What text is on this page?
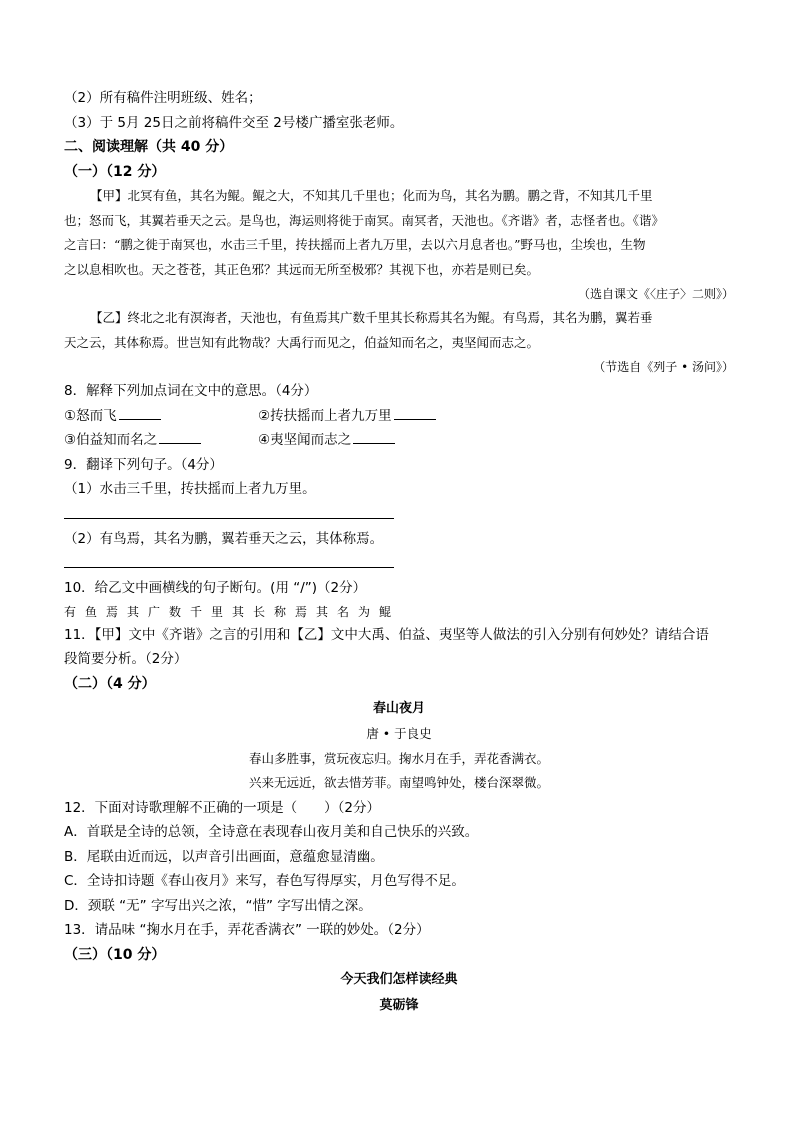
（2）所有稿件注明班级、姓名；
（3）于 5月 25日之前将稿件交至 2号楼广播室张老师。
二、阅读理解（共 40 分）
（一）（12 分）
【甲】北冥有鱼，其名为鲲。鲲之大，不知其几千里也；化而为鸟，其名为鹏。鹏之背，不知其几千里
也；怒而飞，其翼若垂天之云。是鸟也，海运则将徙于南冥。南冥者，天池也。《齐谐》者，志怪者也。《谐》
之言曰：“鹏之徙于南冥也，水击三千里，抟扶摇而上者九万里，去以六月息者也。”野马也，尘埃也，生物
之以息相吹也。天之苍苍，其正色邪？其远而无所至极邪？其视下也，亦若是则已矣。
（选自课文《〈庄子〉二则》）
【乙】终北之北有溟海者，天池也，有鱼焉其广数千里其长称焉其名为鲲。有鸟焉，其名为鹏，翼若垂
天之云，其体称焉。世岂知有此物哉？大禹行而见之，伯益知而名之，夷坚闻而志之。
（节选自《列子 • 汤问》）
8．解释下列加点词在文中的意思。（4分）
①怒而飞	②抟扶摇而上者九万里
③伯益知而名之	④夷坚闻而志之
9．翻译下列句子。（4分）
（1）水击三千里，抟扶摇而上者九万里。
（2）有鸟焉，其名为鹏，翼若垂天之云，其体称焉。
10．给乙文中画横线的句子断句。(用 “/”)（2分）
有鱼焉其广数千里其长称焉其名为鲲
11．【甲】文中《齐谐》之言的引用和【乙】文中大禹、伯益、夷坚等人做法的引入分别有何妙处？请结合语
段简要分析。（2分）
（二）（4 分）
春山夜月
唐 • 于良史
春山多胜事，赏玩夜忘归。掬水月在手，弄花香满衣。
兴来无远近，欲去惜芳菲。南望鸣钟处，楼台深翠微。
12．下面对诗歌理解不正确的一项是（　　）（2分）
A．首联是全诗的总领，全诗意在表现春山夜月美和自己快乐的兴致。
B．尾联由近而远，以声音引出画面，意蕴愈显清幽。
C．全诗扣诗题《春山夜月》来写，春色写得厚实，月色写得不足。
D．颈联 “无” 字写出兴之浓，“惜” 字写出情之深。
13．请品味 “掬水月在手，弄花香满衣” 一联的妙处。（2分）
（三）（10 分）
今天我们怎样读经典
莫砺锋
